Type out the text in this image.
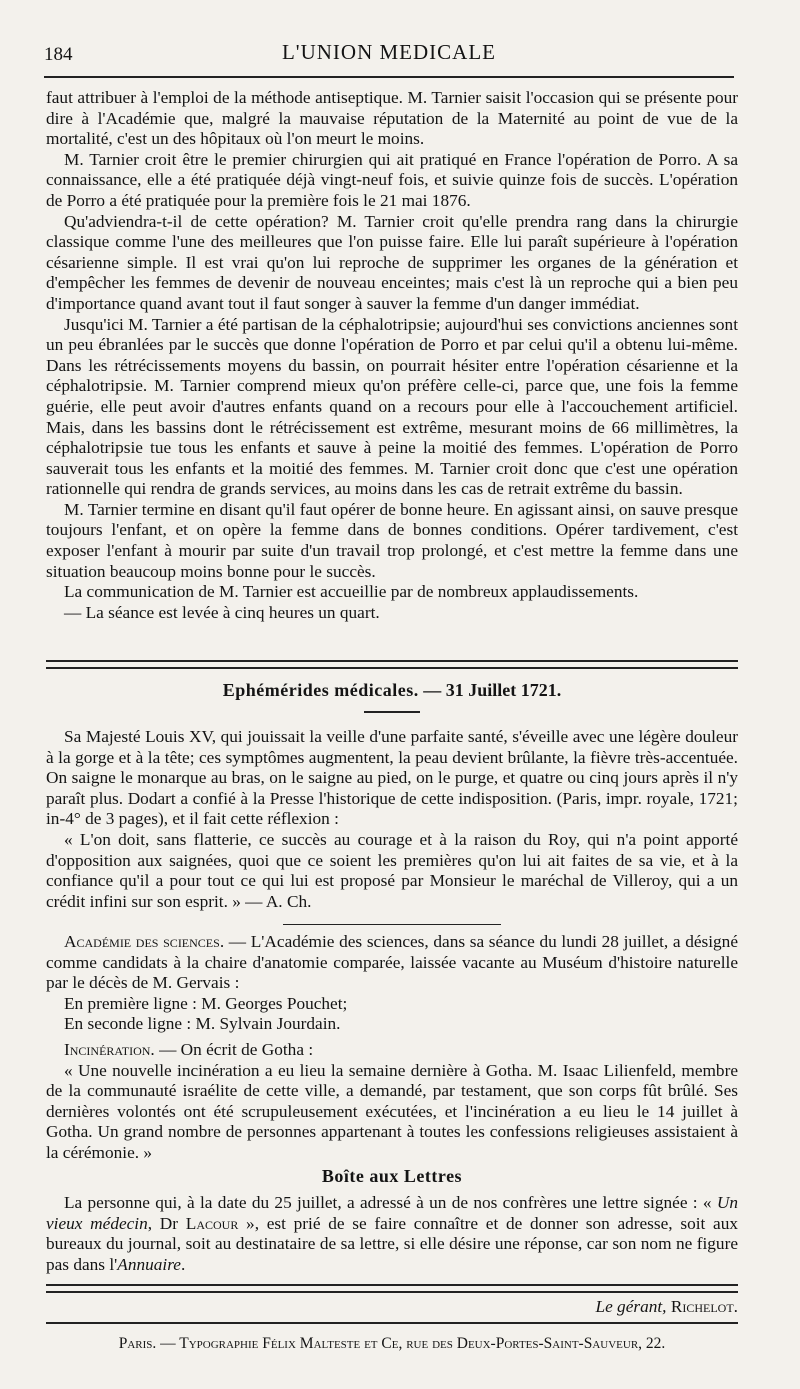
184	L'UNION MEDICALE

faut attribuer à l'emploi de la méthode antiseptique. M. Tarnier saisit l'occasion qui se présente pour dire à l'Académie que, malgré la mauvaise réputation de la Maternité au point de vue de la mortalité, c'est un des hôpitaux où l'on meurt le moins.

M. Tarnier croit être le premier chirurgien qui ait pratiqué en France l'opération de Porro. A sa connaissance, elle a été pratiquée déjà vingt-neuf fois, et suivie quinze fois de succès. L'opération de Porro a été pratiquée pour la première fois le 21 mai 1876.

Qu'adviendra-t-il de cette opération? M. Tarnier croit qu'elle prendra rang dans la chirurgie classique comme l'une des meilleures que l'on puisse faire. Elle lui paraît supérieure à l'opération césarienne simple. Il est vrai qu'on lui reproche de supprimer les organes de la génération et d'empêcher les femmes de devenir de nouveau enceintes; mais c'est là un reproche qui a bien peu d'importance quand avant tout il faut songer à sauver la femme d'un danger immédiat.

Jusqu'ici M. Tarnier a été partisan de la céphalotripsie; aujourd'hui ses convictions anciennes sont un peu ébranlées par le succès que donne l'opération de Porro et par celui qu'il a obtenu lui-même. Dans les rétrécissements moyens du bassin, on pourrait hésiter entre l'opération césarienne et la céphalotripsie. M. Tarnier comprend mieux qu'on préfère celle-ci, parce que, une fois la femme guérie, elle peut avoir d'autres enfants quand on a recours pour elle à l'accouchement artificiel. Mais, dans les bassins dont le rétrécissement est extrême, mesurant moins de 66 millimètres, la céphalotripsie tue tous les enfants et sauve à peine la moitié des femmes. L'opération de Porro sauverait tous les enfants et la moitié des femmes. M. Tarnier croit donc que c'est une opération rationnelle qui rendra de grands services, au moins dans les cas de retrait extrême du bassin.

M. Tarnier termine en disant qu'il faut opérer de bonne heure. En agissant ainsi, on sauve presque toujours l'enfant, et on opère la femme dans de bonnes conditions. Opérer tardivement, c'est exposer l'enfant à mourir par suite d'un travail trop prolongé, et c'est mettre la femme dans une situation beaucoup moins bonne pour le succès.

La communication de M. Tarnier est accueillie par de nombreux applaudissements.

— La séance est levée à cinq heures un quart.

Ephémérides médicales. — 31 Juillet 1721.

Sa Majesté Louis XV, qui jouissait la veille d'une parfaite santé, s'éveille avec une légère douleur à la gorge et à la tête; ces symptômes augmentent, la peau devient brûlante, la fièvre très-accentuée. On saigne le monarque au bras, on le saigne au pied, on le purge, et quatre ou cinq jours après il n'y paraît plus. Dodart a confié à la Presse l'historique de cette indisposition. (Paris, impr. royale, 1721; in-4° de 3 pages), et il fait cette réflexion :

« L'on doit, sans flatterie, ce succès au courage et à la raison du Roy, qui n'a point apporté d'opposition aux saignées, quoi que ce soient les premières qu'on lui ait faites de sa vie, et à la confiance qu'il a pour tout ce qui lui est proposé par Monsieur le maréchal de Villeroy, qui a un crédit infini sur son esprit. » — A. Ch.

Académie des sciences. — L'Académie des sciences, dans sa séance du lundi 28 juillet, a désigné comme candidats à la chaire d'anatomie comparée, laissée vacante au Muséum d'histoire naturelle par le décès de M. Gervais :

En première ligne : M. Georges Pouchet;

En seconde ligne : M. Sylvain Jourdain.

Incinération. — On écrit de Gotha :

« Une nouvelle incinération a eu lieu la semaine dernière à Gotha. M. Isaac Lilienfeld, membre de la communauté israélite de cette ville, a demandé, par testament, que son corps fût brûlé. Ses dernières volontés ont été scrupuleusement exécutées, et l'incinération a eu lieu le 14 juillet à Gotha. Un grand nombre de personnes appartenant à toutes les confessions religieuses assistaient à la cérémonie. »

Boîte aux Lettres

La personne qui, à la date du 25 juillet, a adressé à un de nos confrères une lettre signée : « Un vieux médecin, Dr Lacour », est prié de se faire connaître et de donner son adresse, soit aux bureaux du journal, soit au destinataire de sa lettre, si elle désire une réponse, car son nom ne figure pas dans l'Annuaire.

Le gérant, Richelot.

Paris. — Typographie Félix Malteste et Ce, rue des Deux-Portes-Saint-Sauveur, 22.
